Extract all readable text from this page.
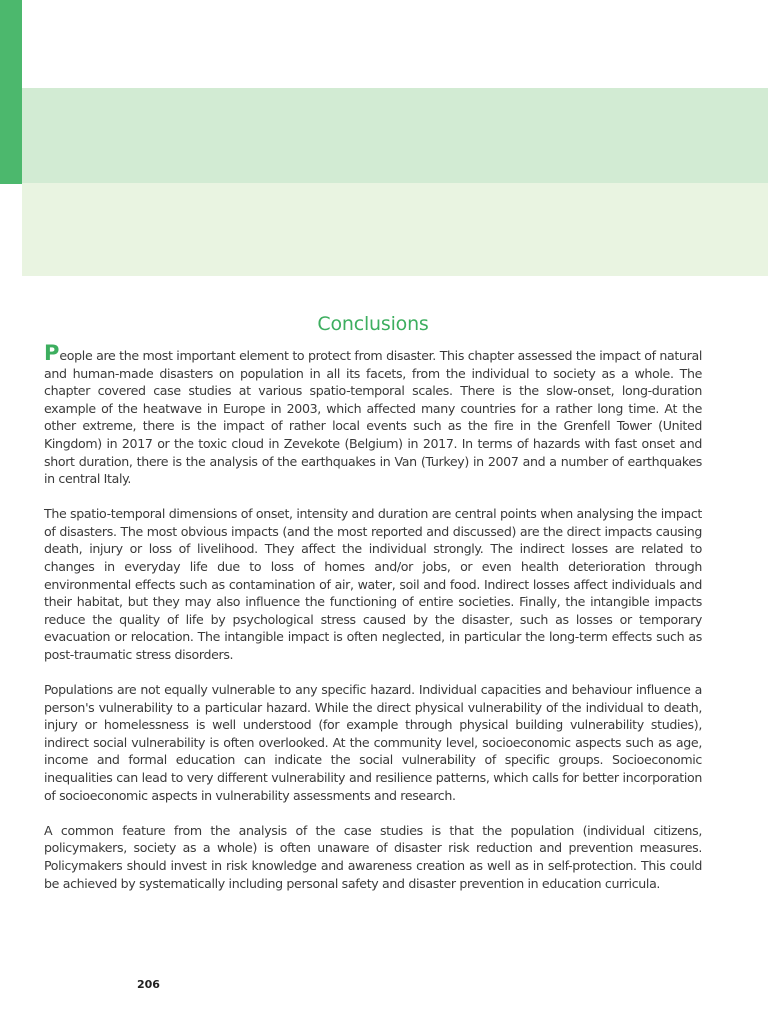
Conclusions

People are the most important element to protect from disaster. This chapter assessed the impact of natural and human-made disasters on population in all its facets, from the individual to society as a whole. The chapter covered case studies at various spatio-temporal scales. There is the slow-onset, long-duration example of the heatwave in Europe in 2003, which affected many countries for a rather long time. At the other extreme, there is the impact of rather local events such as the fire in the Grenfell Tower (United Kingdom) in 2017 or the toxic cloud in Zevekote (Belgium) in 2017. In terms of hazards with fast onset and short duration, there is the analysis of the earthquakes in Van (Turkey) in 2007 and a number of earthquakes in central Italy.

The spatio-temporal dimensions of onset, intensity and duration are central points when analysing the impact of disasters. The most obvious impacts (and the most reported and discussed) are the direct impacts causing death, injury or loss of livelihood. They affect the individual strongly. The indirect losses are related to changes in everyday life due to loss of homes and/or jobs, or even health deterioration through environmental effects such as contamination of air, water, soil and food. Indirect losses affect individuals and their habitat, but they may also influence the functioning of entire societies. Finally, the intangible impacts reduce the quality of life by psychological stress caused by the disaster, such as losses or temporary evacuation or relocation. The intangible impact is often neglected, in particular the long-term effects such as post-traumatic stress disorders.

Populations are not equally vulnerable to any specific hazard. Individual capacities and behaviour influence a person's vulnerability to a particular hazard. While the direct physical vulnerability of the individual to death, injury or homelessness is well understood (for example through physical building vulnerability studies), indirect social vulnerability is often overlooked. At the community level, socioeconomic aspects such as age, income and formal education can indicate the social vulnerability of specific groups. Socioeconomic inequalities can lead to very different vulnerability and resilience patterns, which calls for better incorporation of socioeconomic aspects in vulnerability assessments and research.

A common feature from the analysis of the case studies is that the population (individual citizens, policymakers, society as a whole) is often unaware of disaster risk reduction and prevention measures. Policymakers should invest in risk knowledge and awareness creation as well as in self-protection. This could be achieved by systematically including personal safety and disaster prevention in education curricula.

206
